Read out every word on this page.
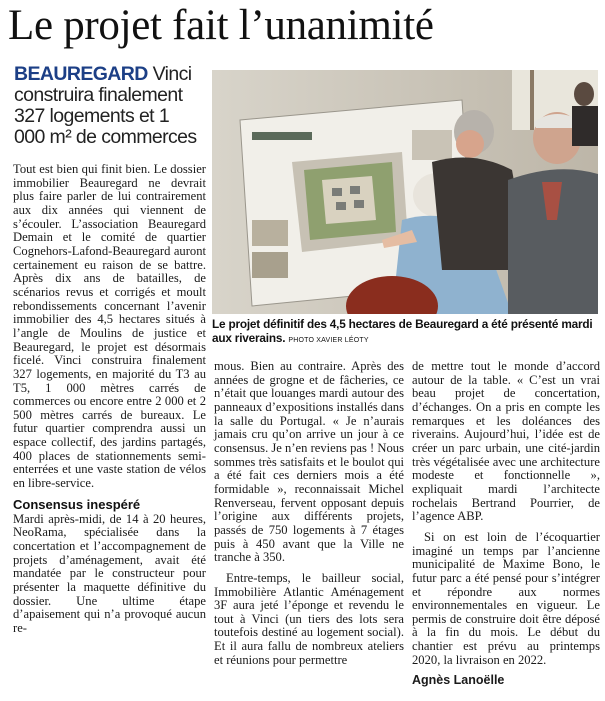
Le projet fait l’unanimité
BEAUREGARD Vinci construira finalement 327 logements et 1 000 m² de commerces
Le projet définitif des 4,5 hectares de Beauregard a été présenté mardi aux riverains. PHOTO XAVIER LÉOTY

Tout est bien qui finit bien. Le dossier immobilier Beauregard ne devrait plus faire parler de lui contrairement aux dix années qui viennent de s’écouler. L’association Beauregard Demain et le comité de quartier Cognehors-Lafond-Beauregard auront certainement eu raison de se battre. Après dix ans de batailles, de scénarios revus et corrigés et moult rebondissements concernant l’avenir immobilier des 4,5 hectares situés à l’angle de Moulins de justice et Beauregard, le projet est désormais ficelé. Vinci construira finalement 327 logements, en majorité du T3 au T5, 1 000 mètres carrés de commerces ou encore entre 2 000 et 2 500 mètres carrés de bureaux. Le futur quartier comprendra aussi un espace collectif, des jardins partagés, 400 places de stationnements semi-enterrées et une vaste station de vélos en libre-service.

Consensus inespéré

Mardi après-midi, de 14 à 20 heures, NeoRama, spécialisée dans la concertation et l’accompagnement de projets d’aménagement, avait été mandatée par le constructeur pour présenter la maquette définitive du dossier. Une ultime étape d’apaisement qui n’a provoqué aucun re-

mous. Bien au contraire. Après des années de grogne et de fâcheries, ce n’était que louanges mardi autour des panneaux d’expositions installés dans la salle du Portugal. « Je n’aurais jamais cru qu’on arrive un jour à ce consensus. Je n’en reviens pas ! Nous sommes très satisfaits et le boulot qui a été fait ces derniers mois a été formidable », reconnaissait Michel Renverseau, fervent opposant depuis l’origine aux différents projets, passés de 750 logements à 7 étages puis à 450 avant que la Ville ne tranche à 350.

Entre-temps, le bailleur social, Immobilière Atlantic Aménagement 3F aura jeté l’éponge et revendu le tout à Vinci (un tiers des lots sera toutefois destiné au logement social). Et il aura fallu de nombreux ateliers et réunions pour permettre

de mettre tout le monde d’accord autour de la table. « C’est un vrai beau projet de concertation, d’échanges. On a pris en compte les remarques et les doléances des riverains. Aujourd’hui, l’idée est de créer un parc urbain, une cité-jardin très végétalisée avec une architecture modeste et fonctionnelle », expliquait mardi l’architecte rochelais Bertrand Pourrier, de l’agence ABP.

Si on est loin de l’écoquartier imaginé un temps par l’ancienne municipalité de Maxime Bono, le futur parc a été pensé pour s’intégrer et répondre aux normes environnementales en vigueur. Le permis de construire doit être déposé à la fin du mois. Le début du chantier est prévu au printemps 2020, la livraison en 2022.

Agnès Lanoëlle
